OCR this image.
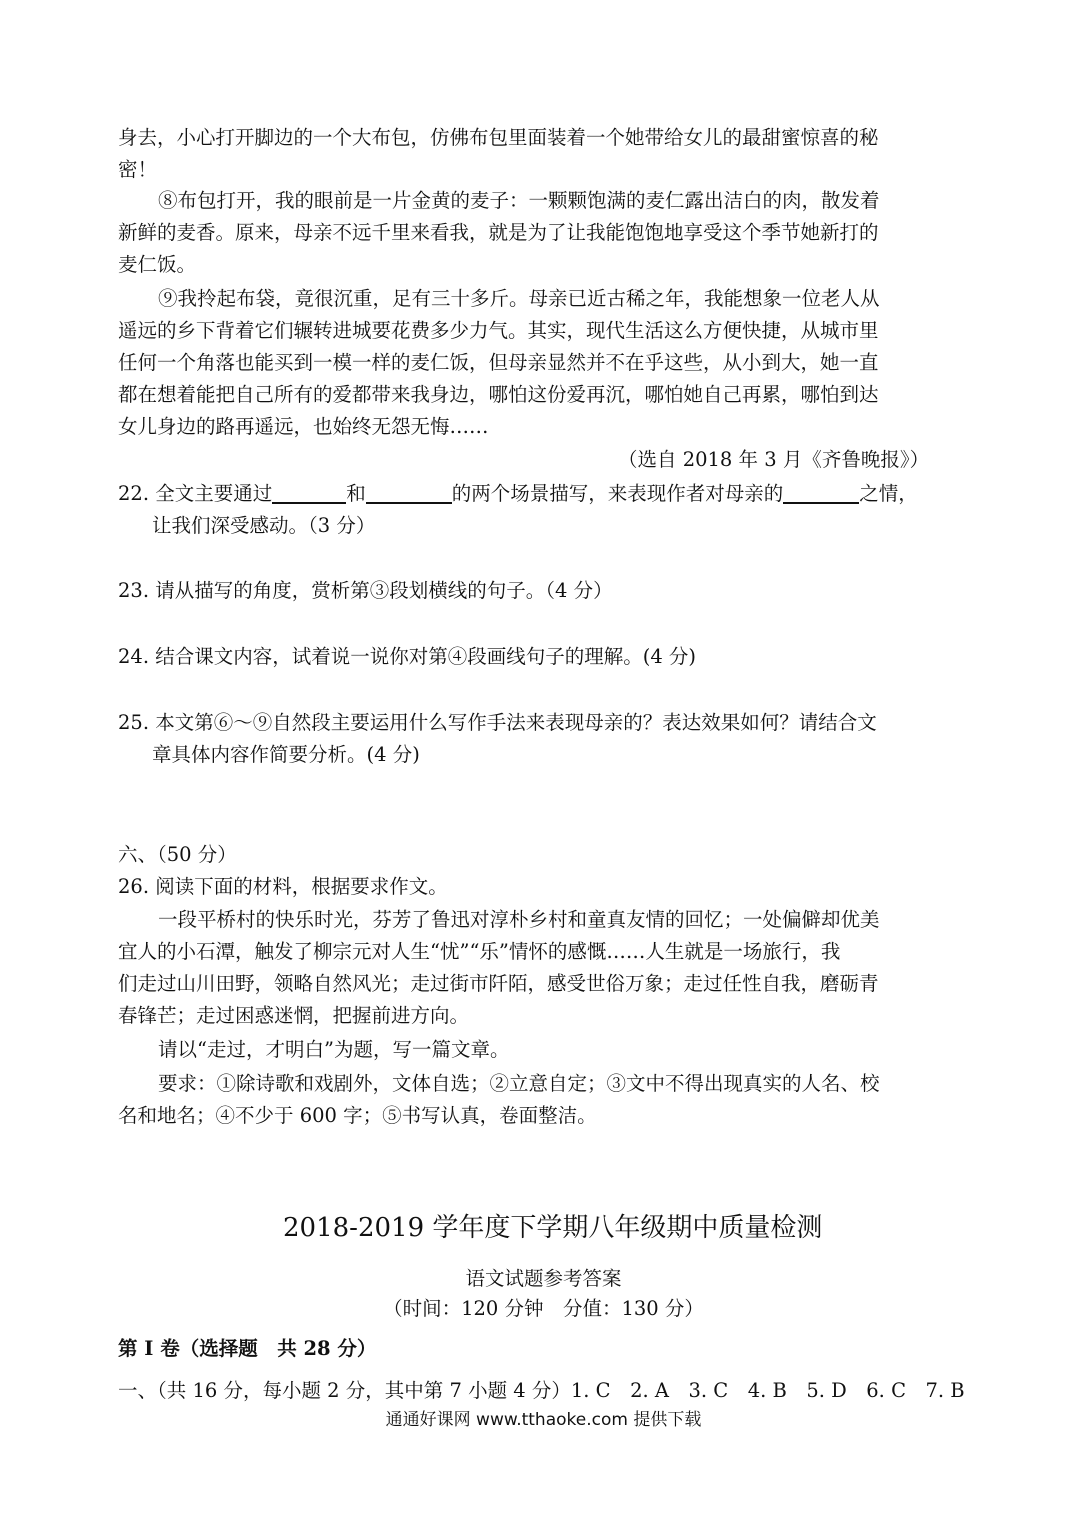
身去，小心打开脚边的一个大布包，仿佛布包里面装着一个她带给女儿的最甜蜜惊喜的秘
密！
⑧布包打开，我的眼前是一片金黄的麦子：一颗颗饱满的麦仁露出洁白的肉，散发着
新鲜的麦香。原来，母亲不远千里来看我，就是为了让我能饱饱地享受这个季节她新打的
麦仁饭。
⑨我拎起布袋，竟很沉重，足有三十多斤。母亲已近古稀之年，我能想象一位老人从
遥远的乡下背着它们辗转进城要花费多少力气。其实，现代生活这么方便快捷，从城市里
任何一个角落也能买到一模一样的麦仁饭，但母亲显然并不在乎这些，从小到大，她一直
都在想着能把自己所有的爱都带来我身边，哪怕这份爱再沉，哪怕她自己再累，哪怕到达
女儿身边的路再遥远，也始终无怨无悔……
（选自 2018 年 3 月《齐鲁晚报》）
22. 全文主要通过	和	的两个场景描写，来表现作者对母亲的	之情，
让我们深受感动。（3 分）
23. 请从描写的角度，赏析第③段划横线的句子。（4 分）
24. 结合课文内容，试着说一说你对第④段画线句子的理解。(4 分)
25. 本文第⑥～⑨自然段主要运用什么写作手法来表现母亲的？表达效果如何？请结合文
章具体内容作简要分析。(4 分)
六、（50 分）
26. 阅读下面的材料，根据要求作文。
一段平桥村的快乐时光，芬芳了鲁迅对淳朴乡村和童真友情的回忆；一处偏僻却优美
宜人的小石潭，触发了柳宗元对人生“忧”“乐”情怀的感慨……人生就是一场旅行，我
们走过山川田野，领略自然风光；走过街市阡陌，感受世俗万象；走过任性自我，磨砺青
春锋芒；走过困惑迷惘，把握前进方向。
请以“走过，才明白”为题，写一篇文章。
要求：①除诗歌和戏剧外，文体自选；②立意自定；③文中不得出现真实的人名、校
名和地名；④不少于 600 字；⑤书写认真，卷面整洁。
2018-2019 学年度下学期八年级期中质量检测
语文试题参考答案
（时间：120 分钟　分值：130 分）
第 I 卷（选择题　共 28 分）
一、（共 16 分，每小题 2 分，其中第 7 小题 4 分）1. C　2. A　3. C　4. B　5. D　6. C　7. B
通通好课网 www.tthaoke.com 提供下载
